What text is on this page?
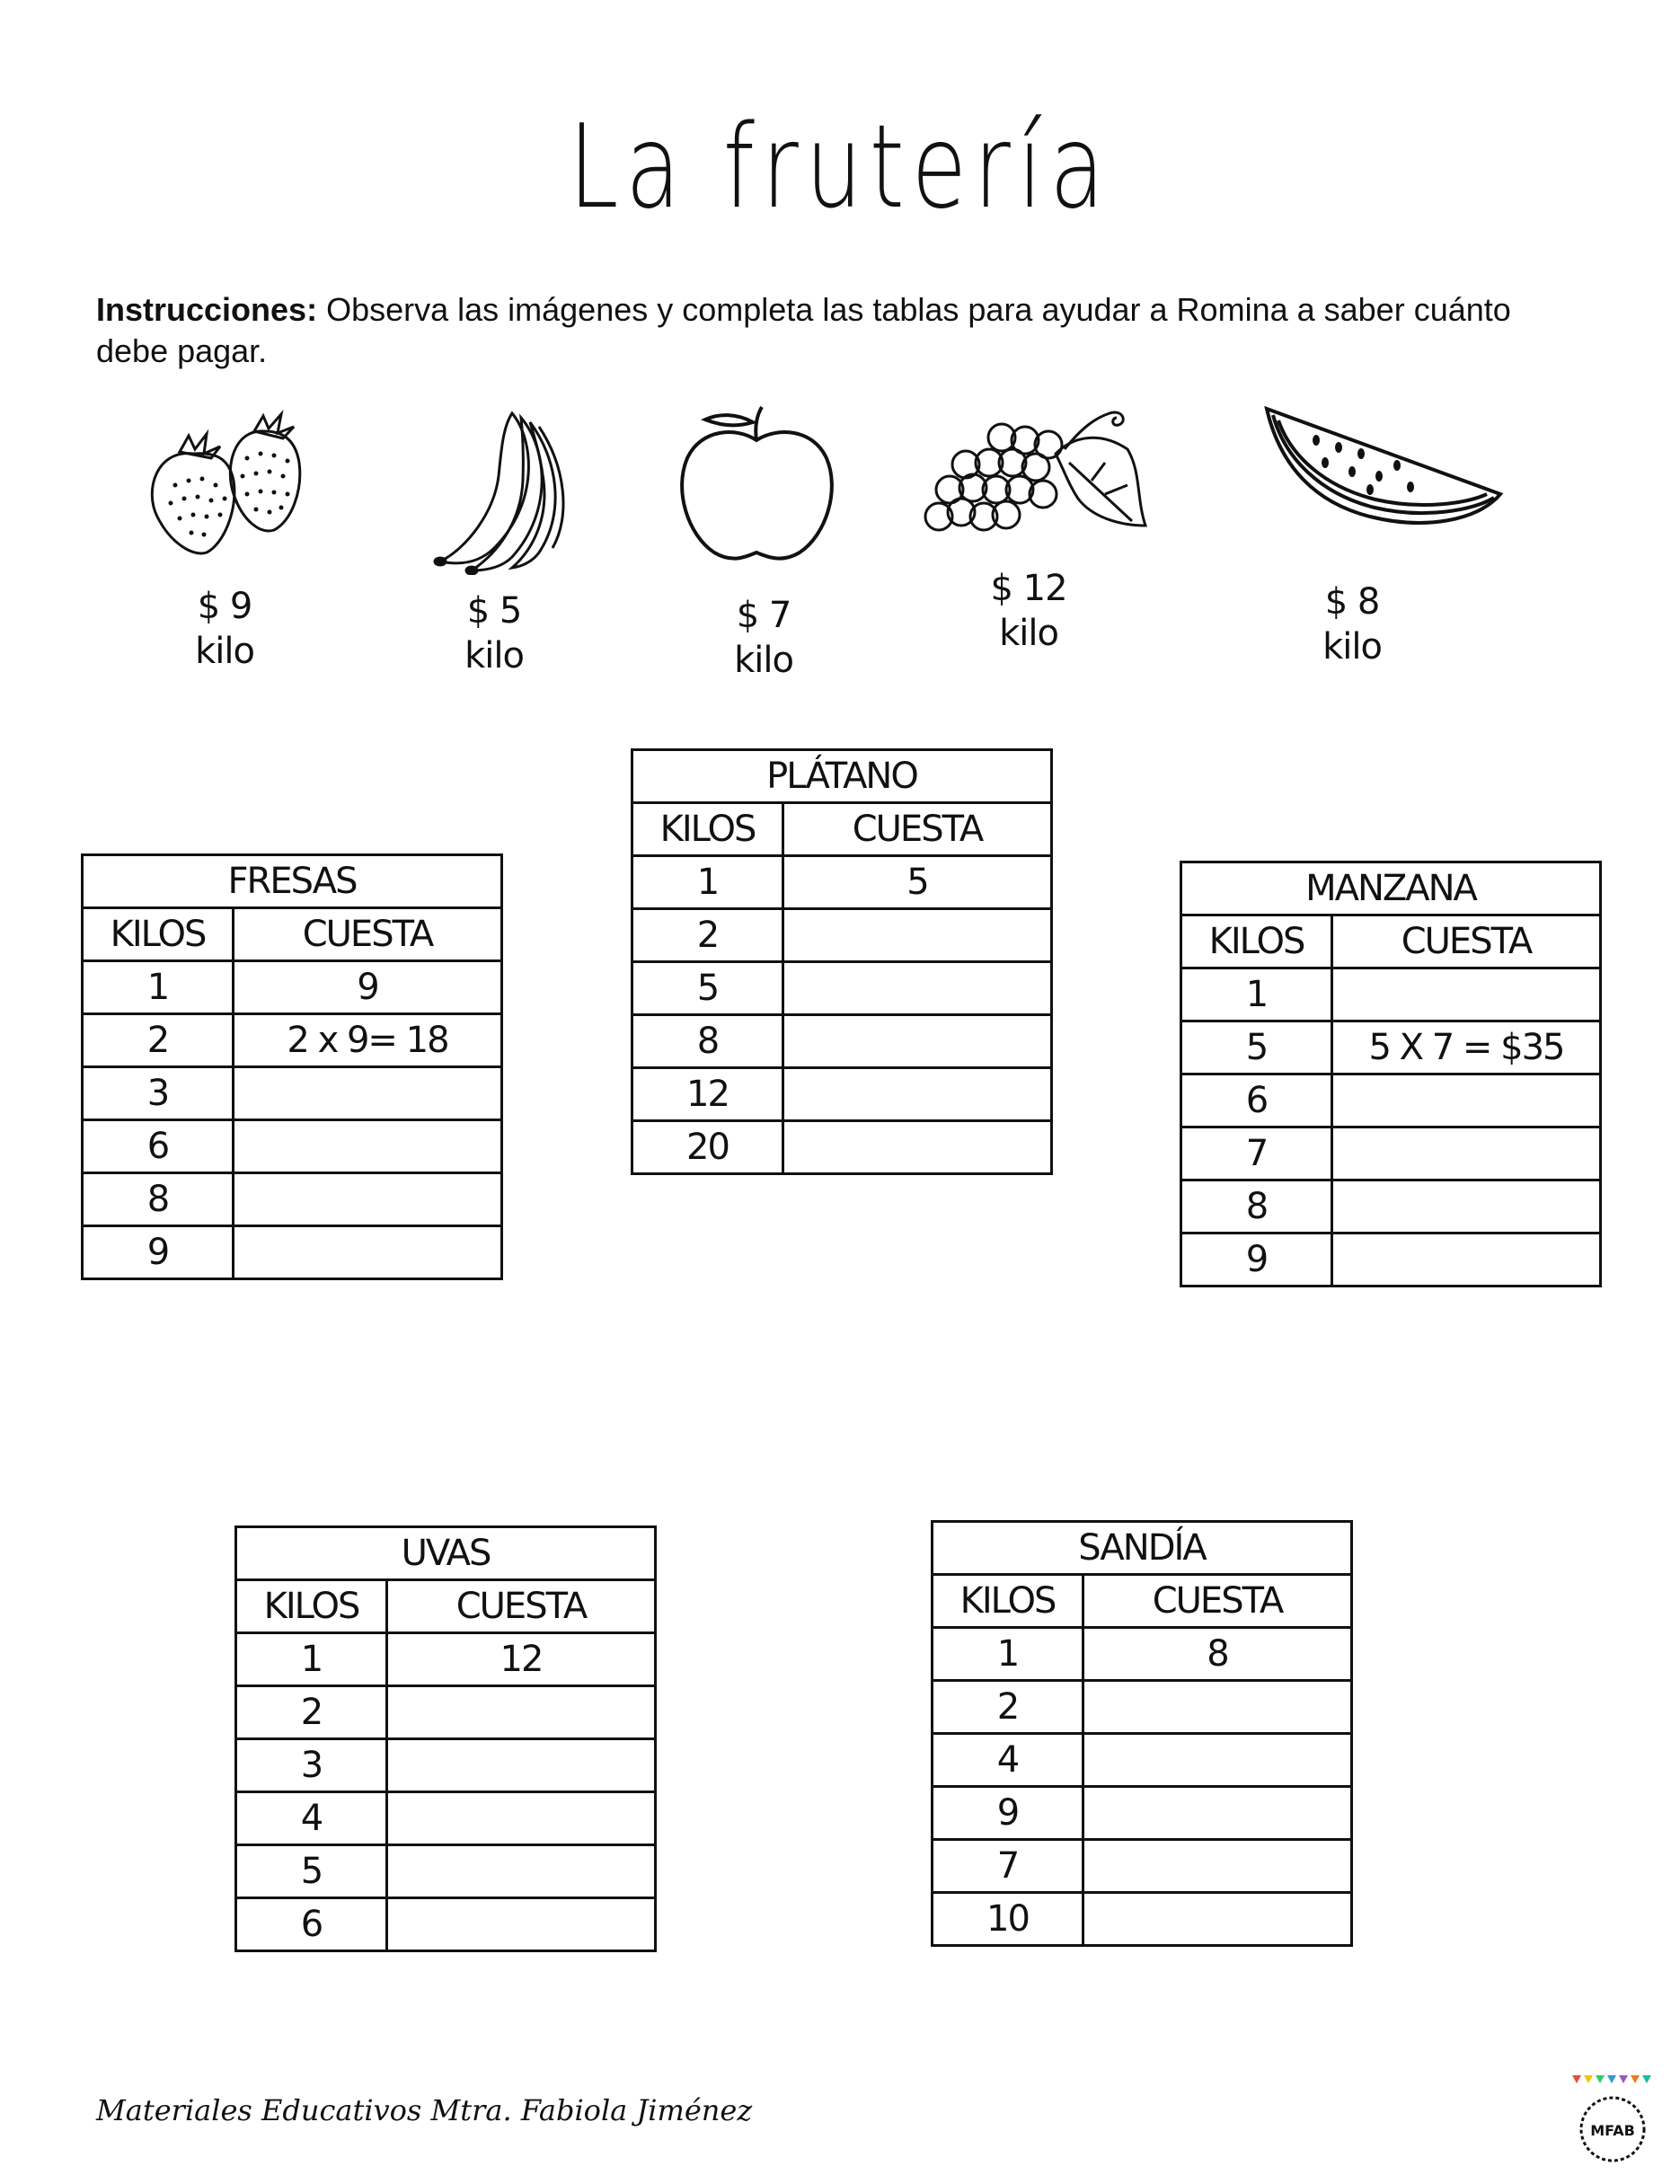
La frutería
Instrucciones: Observa las imágenes y completa las tablas para ayudar a Romina a saber cuánto debe pagar.
$ 9
kilo
$ 5
kilo
$ 7
kilo
$ 12
kilo
$ 8
kilo
FRESAS	
KILOS	CUESTA
1	9
2	2 x 9= 18
3	
6	
8	
9	
PLÁTANO	
KILOS	CUESTA
1	5
2	
5	
8	
12	
20	
MANZANA	
KILOS	CUESTA
1	
5	5 X 7 = $35
6	
7	
8	
9	
UVAS	
KILOS	CUESTA
1	12
2	
3	
4	
5	
6	
SANDÍA	
KILOS	CUESTA
1	8
2	
4	
9	
7	
10	
Materiales Educativos Mtra. Fabiola Jiménez
MFAB
